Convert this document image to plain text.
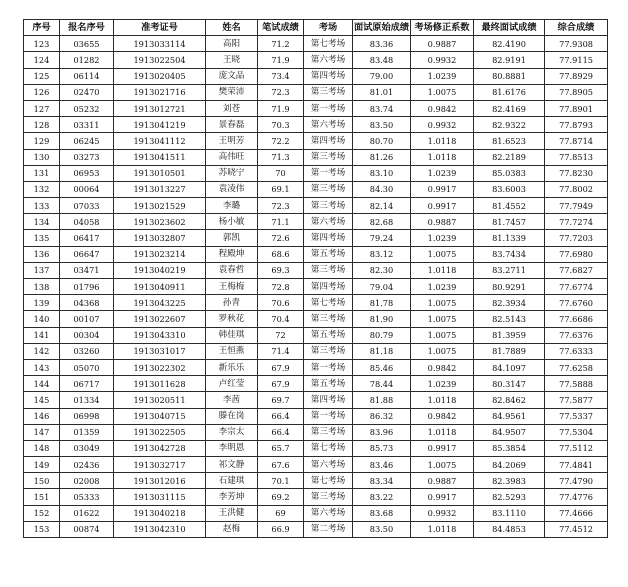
序号	报名序号	准考证号	姓名	笔试成绩	考场	面试原始成绩	考场修正系数	最终面试成绩	综合成绩
123	03655	1913033114	高阳	71.2	第七考场	83.36	0.9887	82.4190	77.9308
124	01282	1913022504	王晓	71.9	第六考场	83.48	0.9932	82.9191	77.9115
125	06114	1913020405	庞文品	73.4	第四考场	79.00	1.0239	80.8881	77.8929
126	02470	1913021716	樊荣沛	72.3	第三考场	81.01	1.0075	81.6176	77.8905
127	05232	1913012721	刘苍	71.9	第一考场	83.74	0.9842	82.4169	77.8901
128	03311	1913041219	景春磊	70.3	第六考场	83.50	0.9932	82.9322	77.8793
129	06245	1913041112	王明芳	72.2	第四考场	80.70	1.0118	81.6523	77.8714
130	03273	1913041511	高伟旺	71.3	第三考场	81.26	1.0118	82.2189	77.8513
131	06953	1913010501	苏晓宁	70	第一考场	83.10	1.0239	85.0383	77.8230
132	00064	1913013227	袁凌伟	69.1	第三考场	84.30	0.9917	83.6003	77.8002
133	07033	1913021529	李璐	72.3	第三考场	82.14	0.9917	81.4552	77.7949
134	04058	1913023602	杨小敏	71.1	第六考场	82.68	0.9887	81.7457	77.7274
135	06417	1913032807	郭凯	72.6	第四考场	79.24	1.0239	81.1339	77.7203
136	06647	1913023214	程殿坤	68.6	第五考场	83.12	1.0075	83.7434	77.6980
137	03471	1913040219	袁春哲	69.3	第三考场	82.30	1.0118	83.2711	77.6827
138	01796	1913040911	王梅梅	72.8	第四考场	79.04	1.0239	80.9291	77.6774
139	04368	1913043225	孙青	70.6	第七考场	81.78	1.0075	82.3934	77.6760
140	00107	1913022607	罗秋花	70.4	第三考场	81.90	1.0075	82.5143	77.6686
141	00304	1913043310	韩佳琪	72	第五考场	80.79	1.0075	81.3959	77.6376
142	03260	1913031017	王恒燕	71.4	第三考场	81.18	1.0075	81.7889	77.6333
143	05070	1913022302	新乐乐	67.9	第一考场	85.46	0.9842	84.1097	77.6258
144	06717	1913011628	卢红莹	67.9	第五考场	78.44	1.0239	80.3147	77.5888
145	01334	1913020511	李茜	69.7	第四考场	81.88	1.0118	82.8462	77.5877
146	06998	1913040715	滕在岗	66.4	第一考场	86.32	0.9842	84.9561	77.5337
147	01359	1913022505	李宗太	66.4	第三考场	83.96	1.0118	84.9507	77.5304
148	03049	1913042728	李明恩	65.7	第七考场	85.73	0.9917	85.3854	77.5112
149	02436	1913032717	祁文静	67.6	第六考场	83.46	1.0075	84.2069	77.4841
150	02008	1913012016	石建琪	70.1	第七考场	83.34	0.9887	82.3983	77.4790
151	05333	1913031115	李芳坤	69.2	第三考场	83.22	0.9917	82.5293	77.4776
152	01622	1913040218	王洪健	69	第六考场	83.68	0.9932	83.1110	77.4666
153	00874	1913042310	赵梅	66.9	第二考场	83.50	1.0118	84.4853	77.4512
